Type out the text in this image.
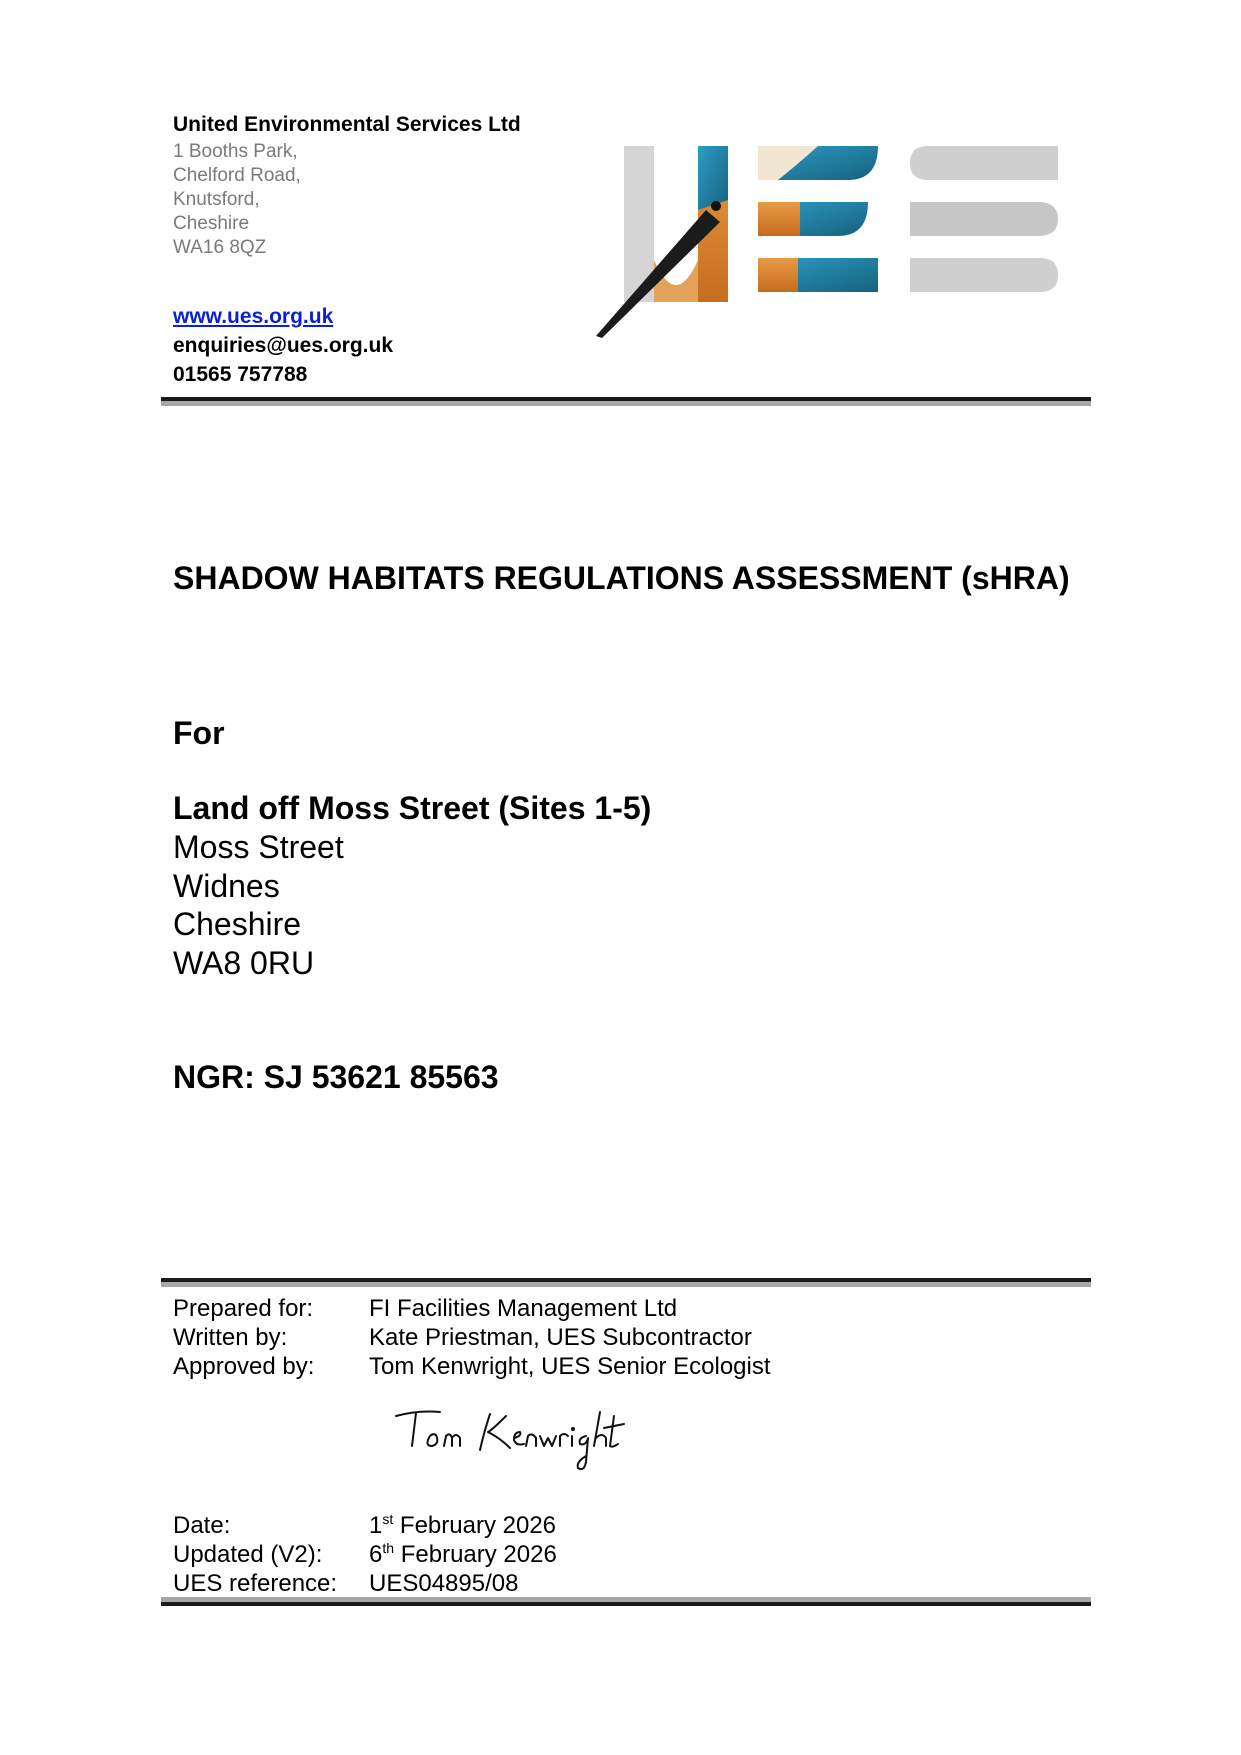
United Environmental Services Ltd
1 Booths Park,
Chelford Road,
Knutsford,
Cheshire
WA16 8QZ
www.ues.org.uk
enquiries@ues.org.uk
01565 757788
SHADOW HABITATS REGULATIONS ASSESSMENT (sHRA)
For
Land off Moss Street (Sites 1-5)
Moss Street
Widnes
Cheshire
WA8 0RU
NGR: SJ 53621 85563
Prepared for: FI Facilities Management Ltd
Written by:	Kate Priestman, UES Subcontractor
Approved by: Tom Kenwright, UES Senior Ecologist
Date:	1st February 2026
Updated (V2): 6th February 2026
UES reference: UES04895/08
